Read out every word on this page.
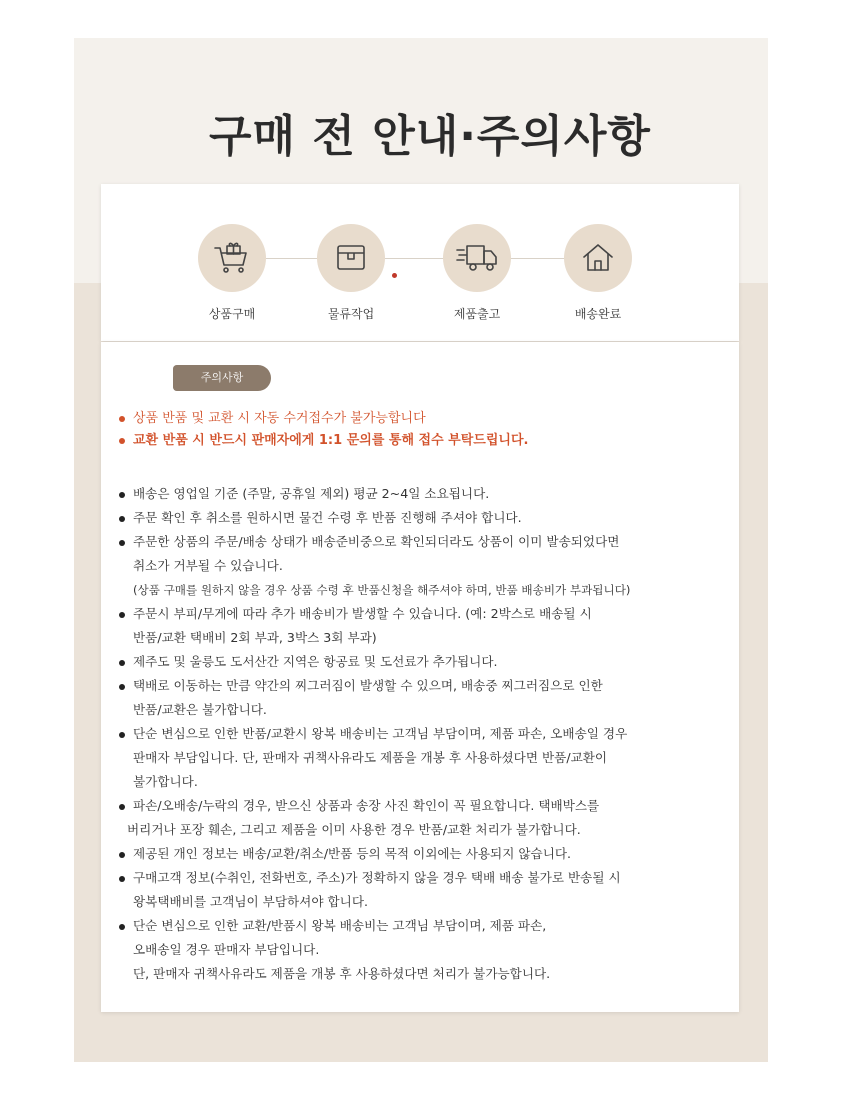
구매 전 안내·주의사항
상품구매	물류작업	제품출고	배송완료
주의사항
상품 반품 및 교환 시 자동 수거접수가 불가능합니다
교환 반품 시 반드시 판매자에게 1:1 문의를 통해 접수 부탁드립니다.
배송은 영업일 기준 (주말, 공휴일 제외) 평균 2~4일 소요됩니다.
주문 확인 후 취소를 원하시면 물건 수령 후 반품 진행해 주셔야 합니다.
주문한 상품의 주문/배송 상태가 배송준비중으로 확인되더라도 상품이 이미 발송되었다면
취소가 거부될 수 있습니다.
(상품 구매를 원하지 않을 경우 상품 수령 후 반품신청을 해주셔야 하며, 반품 배송비가 부과됩니다)
주문시 부피/무게에 따라 추가 배송비가 발생할 수 있습니다. (예: 2박스로 배송될 시
반품/교환 택배비 2회 부과, 3박스 3회 부과)
제주도 및 울릉도 도서산간 지역은 항공료 및 도선료가 추가됩니다.
택배로 이동하는 만큼 약간의 찌그러짐이 발생할 수 있으며, 배송중 찌그러짐으로 인한
반품/교환은 불가합니다.
단순 변심으로 인한 반품/교환시 왕복 배송비는 고객님 부담이며, 제품 파손, 오배송일 경우
판매자 부담입니다. 단, 판매자 귀책사유라도 제품을 개봉 후 사용하셨다면 반품/교환이
불가합니다.
파손/오배송/누락의 경우, 받으신 상품과 송장 사진 확인이 꼭 필요합니다. 택배박스를
버리거나 포장 훼손, 그리고 제품을 이미 사용한 경우 반품/교환 처리가 불가합니다.
제공된 개인 정보는 배송/교환/취소/반품 등의 목적 이외에는 사용되지 않습니다.
구매고객 정보(수취인, 전화번호, 주소)가 정확하지 않을 경우 택배 배송 불가로 반송될 시
왕복택배비를 고객님이 부담하셔야 합니다.
단순 변심으로 인한 교환/반품시 왕복 배송비는 고객님 부담이며, 제품 파손,
오배송일 경우 판매자 부담입니다.
단, 판매자 귀책사유라도 제품을 개봉 후 사용하셨다면 처리가 불가능합니다.
